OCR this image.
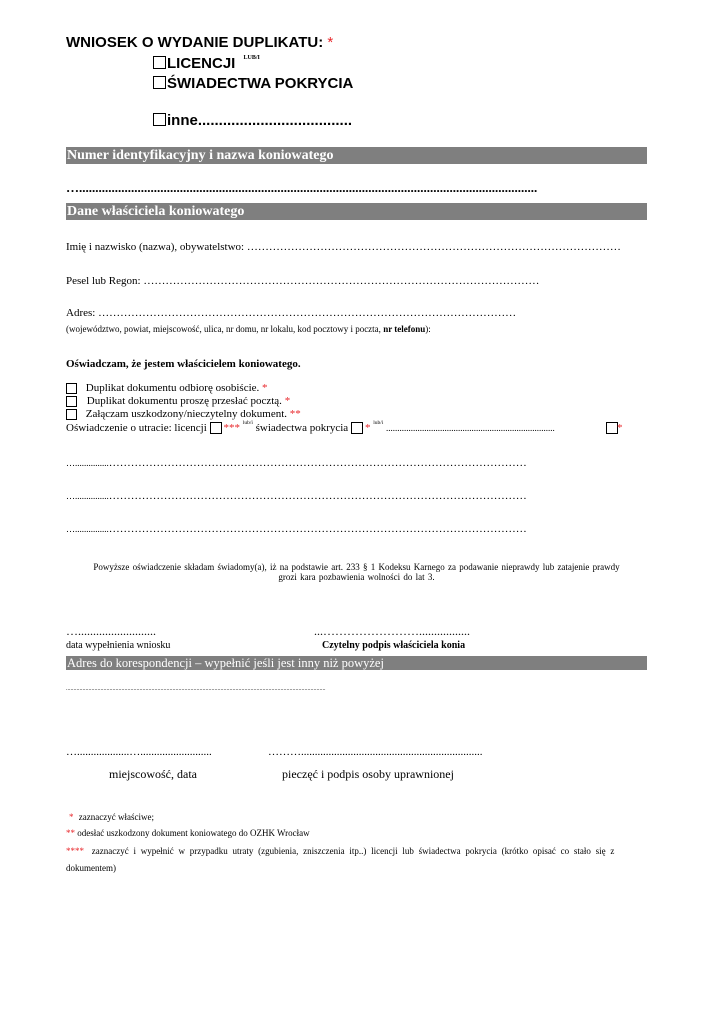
WNIOSEK O WYDANIE DUPLIKATU: *
LICENCJI $^{LUB/I}$
ŚWIADECTWA POKRYCIA
inne.....................................
Numer identyfikacyjny i nazwa koniowatego
….............................................................................................................................................
Dane właściciela koniowatego
Imię i nazwisko (nazwa), obywatelstwo: …………………………………………………………………………………………
Pesel lub Regon: ………………………………………………………………………………………………
Adres: ……………………………………………………………………………………………………
(województwo, powiat, miejscowość, ulica, nr domu, nr lokalu, kod pocztowy i poczta, nr telefonu):
Oświadczam, że jestem właścicielem koniowatego.
Duplikat dokumentu odbiorę osobiście. *
Duplikat dokumentu proszę przesłać pocztą. *
Załączam uszkodzony/nieczytelny dokument. **
Oświadczenie o utracie: licencji *** $^{lub/i}$ świadectwa pokrycia * $^{lub/i}$ ...........................................................................	*
…...............……………………………………………………………………………………………………
…...............……………………………………………………………………………………………………
…...............……………………………………………………………………………………………………
Powyższe oświadczenie składam świadomy(a), iż na podstawie art. 233 § 1 Kodeksu Karnego za podawanie nieprawdy lub zatajenie prawdy
grozi kara pozbawienia wolności do lat 3.
…..........................
data wypełnienia wniosku
...…………………….................
Czytelny podpis właściciela konia
Adres do korespondencji – wypełnić jeśli jest inny niż powyżej
.............................................................................................................................................................................
…...................…..........................	………..................................................................
miejscowość, data	pieczęć i podpis osoby uprawnionej
* zaznaczyć właściwe;
** odesłać uszkodzony dokument koniowatego do OZHK Wrocław
**** zaznaczyć i wypełnić w przypadku utraty (zgubienia, zniszczenia itp..) licencji lub świadectwa pokrycia (krótko opisać co stało się z
dokumentem)
